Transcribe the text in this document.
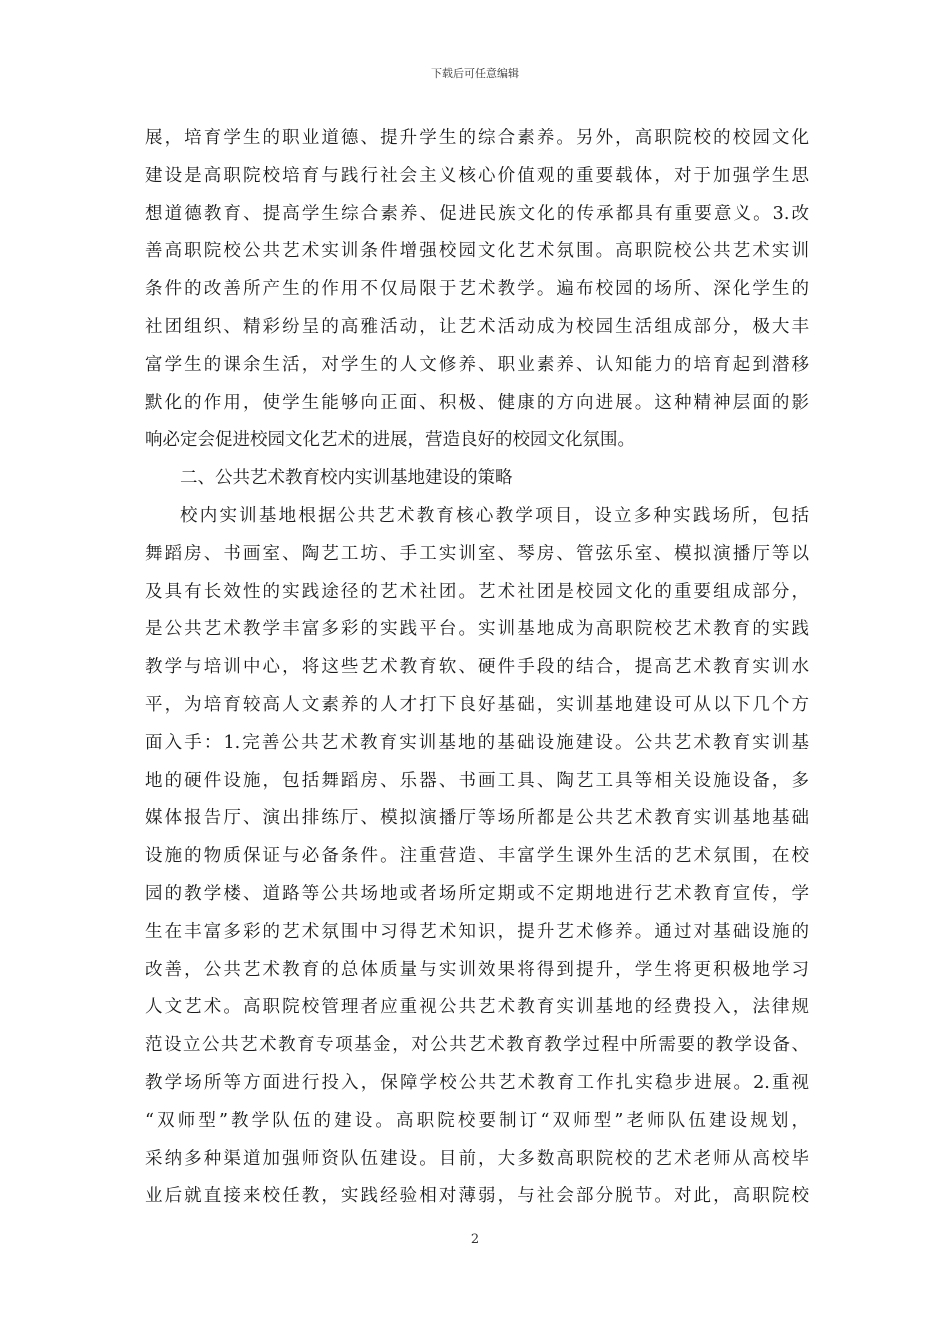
下载后可任意编辑
展，培育学生的职业道德、提升学生的综合素养。另外，高职院校的校园文化
建设是高职院校培育与践行社会主义核心价值观的重要载体，对于加强学生思
想道德教育、提高学生综合素养、促进民族文化的传承都具有重要意义。3.改
善高职院校公共艺术实训条件增强校园文化艺术氛围。高职院校公共艺术实训
条件的改善所产生的作用不仅局限于艺术教学。遍布校园的场所、深化学生的
社团组织、精彩纷呈的高雅活动，让艺术活动成为校园生活组成部分，极大丰
富学生的课余生活，对学生的人文修养、职业素养、认知能力的培育起到潜移
默化的作用，使学生能够向正面、积极、健康的方向进展。这种精神层面的影
响必定会促进校园文化艺术的进展，营造良好的校园文化氛围。
二、公共艺术教育校内实训基地建设的策略
校内实训基地根据公共艺术教育核心教学项目，设立多种实践场所，包括
舞蹈房、书画室、陶艺工坊、手工实训室、琴房、管弦乐室、模拟演播厅等以
及具有长效性的实践途径的艺术社团。艺术社团是校园文化的重要组成部分，
是公共艺术教学丰富多彩的实践平台。实训基地成为高职院校艺术教育的实践
教学与培训中心，将这些艺术教育软、硬件手段的结合，提高艺术教育实训水
平，为培育较高人文素养的人才打下良好基础，实训基地建设可从以下几个方
面入手：1.完善公共艺术教育实训基地的基础设施建设。公共艺术教育实训基
地的硬件设施，包括舞蹈房、乐器、书画工具、陶艺工具等相关设施设备，多
媒体报告厅、演出排练厅、模拟演播厅等场所都是公共艺术教育实训基地基础
设施的物质保证与必备条件。注重营造、丰富学生课外生活的艺术氛围，在校
园的教学楼、道路等公共场地或者场所定期或不定期地进行艺术教育宣传，学
生在丰富多彩的艺术氛围中习得艺术知识，提升艺术修养。通过对基础设施的
改善，公共艺术教育的总体质量与实训效果将得到提升，学生将更积极地学习
人文艺术。高职院校管理者应重视公共艺术教育实训基地的经费投入，法律规
范设立公共艺术教育专项基金，对公共艺术教育教学过程中所需要的教学设备、
教学场所等方面进行投入，保障学校公共艺术教育工作扎实稳步进展。2.重视
“双师型”教学队伍的建设。高职院校要制订“双师型”老师队伍建设规划，
采纳多种渠道加强师资队伍建设。目前，大多数高职院校的艺术老师从高校毕
业后就直接来校任教，实践经验相对薄弱，与社会部分脱节。对此，高职院校
2
